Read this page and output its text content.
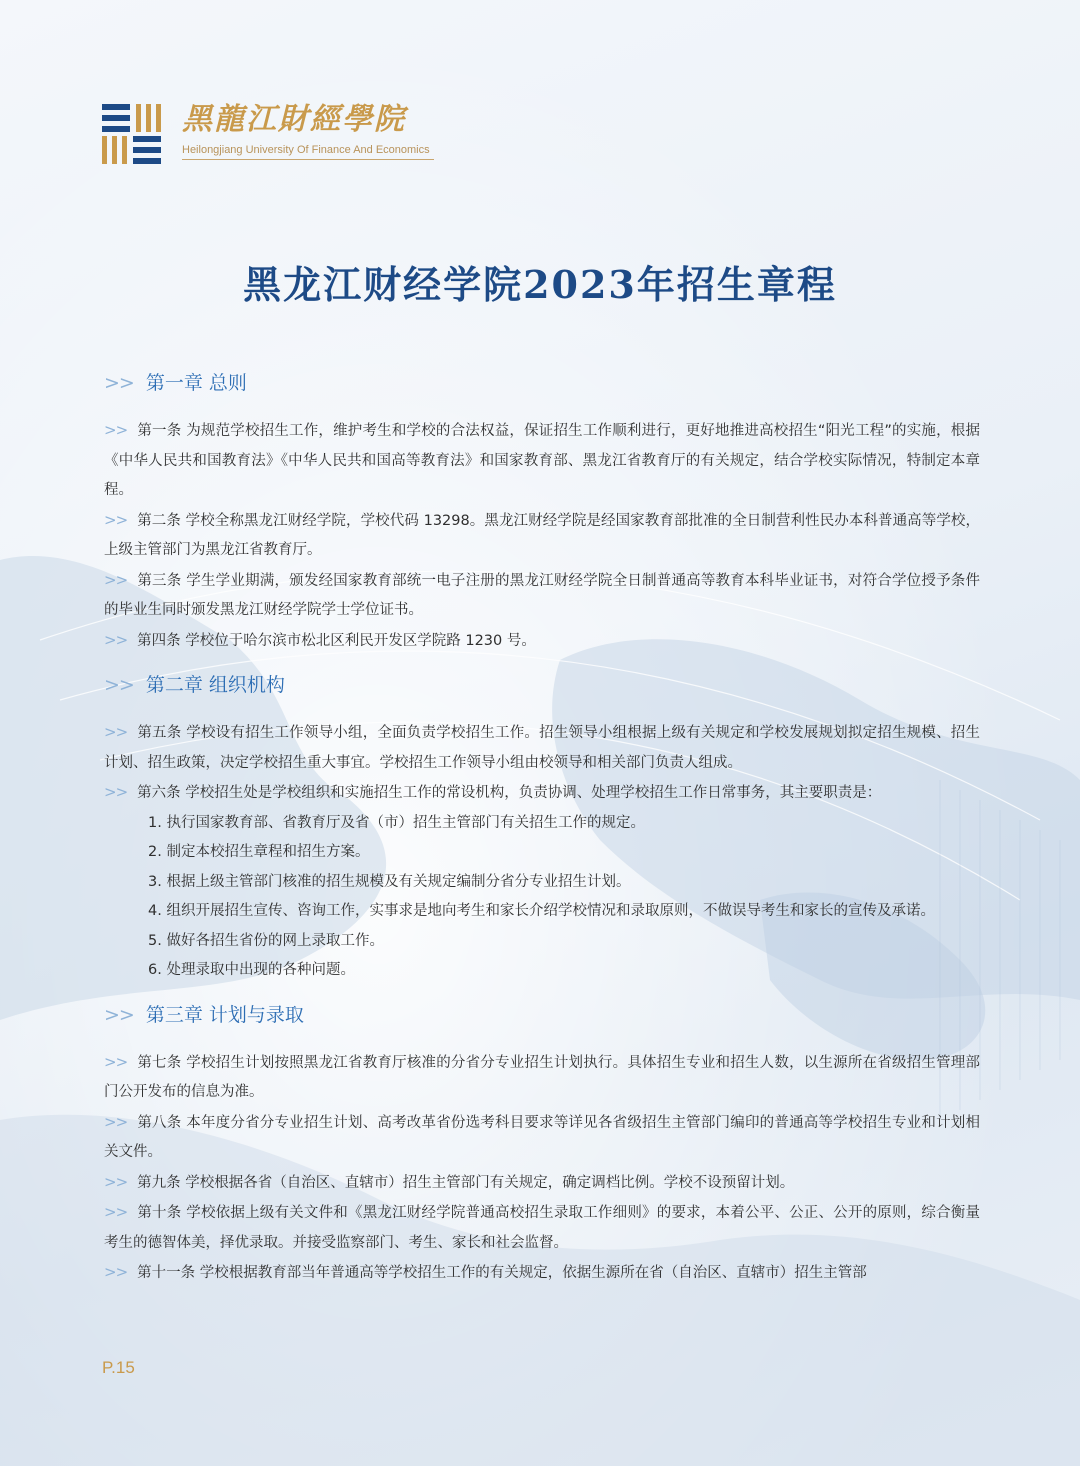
黑龍江財經學院
Heilongjiang University Of Finance And Economics
黑龙江财经学院2023年招生章程
>> 第一章 总则

>> 第一条 为规范学校招生工作，维护考生和学校的合法权益，保证招生工作顺利进行，更好地推进高校招生“阳光工程”的实施，根据《中华人民共和国教育法》《中华人民共和国高等教育法》和国家教育部、黑龙江省教育厅的有关规定，结合学校实际情况，特制定本章程。

>> 第二条 学校全称黑龙江财经学院，学校代码 13298。黑龙江财经学院是经国家教育部批准的全日制营利性民办本科普通高等学校，上级主管部门为黑龙江省教育厅。

>> 第三条 学生学业期满，颁发经国家教育部统一电子注册的黑龙江财经学院全日制普通高等教育本科毕业证书，对符合学位授予条件的毕业生同时颁发黑龙江财经学院学士学位证书。

>> 第四条 学校位于哈尔滨市松北区利民开发区学院路 1230 号。

>> 第二章 组织机构

>> 第五条 学校设有招生工作领导小组，全面负责学校招生工作。招生领导小组根据上级有关规定和学校发展规划拟定招生规模、招生计划、招生政策，决定学校招生重大事宜。学校招生工作领导小组由校领导和相关部门负责人组成。

>> 第六条 学校招生处是学校组织和实施招生工作的常设机构，负责协调、处理学校招生工作日常事务，其主要职责是：

1. 执行国家教育部、省教育厅及省（市）招生主管部门有关招生工作的规定。

2. 制定本校招生章程和招生方案。

3. 根据上级主管部门核准的招生规模及有关规定编制分省分专业招生计划。

4. 组织开展招生宣传、咨询工作，实事求是地向考生和家长介绍学校情况和录取原则，不做误导考生和家长的宣传及承诺。

5. 做好各招生省份的网上录取工作。

6. 处理录取中出现的各种问题。

>> 第三章 计划与录取

>> 第七条 学校招生计划按照黑龙江省教育厅核准的分省分专业招生计划执行。具体招生专业和招生人数，以生源所在省级招生管理部门公开发布的信息为准。

>> 第八条 本年度分省分专业招生计划、高考改革省份选考科目要求等详见各省级招生主管部门编印的普通高等学校招生专业和计划相关文件。

>> 第九条 学校根据各省（自治区、直辖市）招生主管部门有关规定，确定调档比例。学校不设预留计划。

>> 第十条 学校依据上级有关文件和《黑龙江财经学院普通高校招生录取工作细则》的要求，本着公平、公正、公开的原则，综合衡量考生的德智体美，择优录取。并接受监察部门、考生、家长和社会监督。

>> 第十一条 学校根据教育部当年普通高等学校招生工作的有关规定，依据生源所在省（自治区、直辖市）招生主管部

P.15
